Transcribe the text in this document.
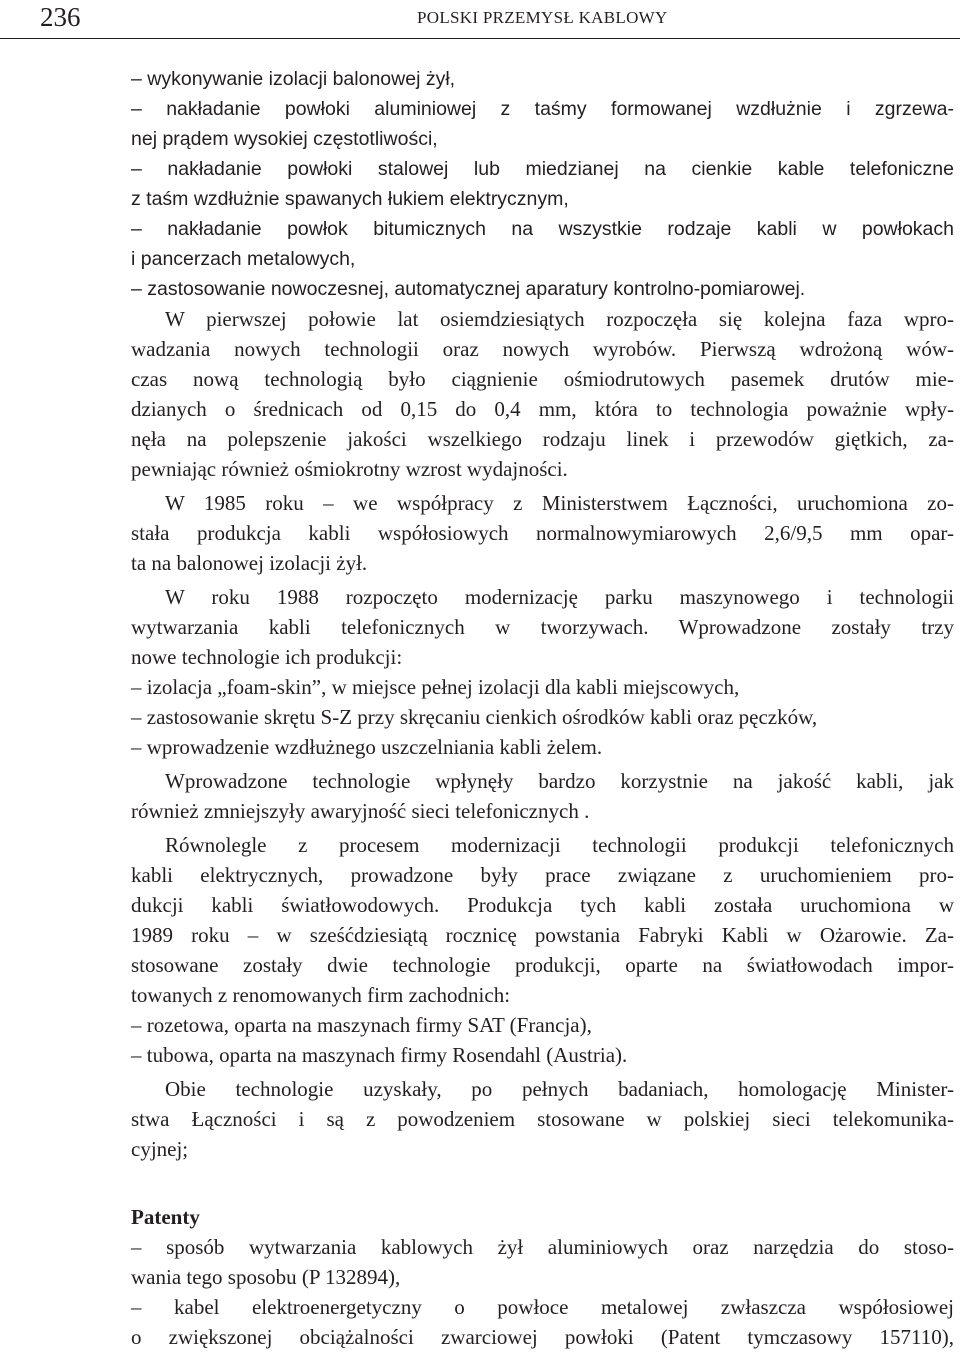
236	POLSKI PRZEMYSŁ KABLOWY
– wykonywanie izolacji balonowej żył,
– nakładanie powłoki aluminiowej z taśmy formowanej wzdłużnie i zgrzewa-
nej prądem wysokiej częstotliwości,
– nakładanie powłoki stalowej lub miedzianej na cienkie kable telefoniczne
z taśm wzdłużnie spawanych łukiem elektrycznym,
– nakładanie powłok bitumicznych na wszystkie rodzaje kabli w powłokach
i pancerzach metalowych,
– zastosowanie nowoczesnej, automatycznej aparatury kontrolno-pomiarowej.
W pierwszej połowie lat osiemdziesiątych rozpoczęła się kolejna faza wpro-
wadzania nowych technologii oraz nowych wyrobów. Pierwszą wdrożoną wów-
czas nową technologią było ciągnienie ośmiodrutowych pasemek drutów mie-
dzianych o średnicach od 0,15 do 0,4 mm, która to technologia poważnie wpły-
nęła na polepszenie jakości wszelkiego rodzaju linek i przewodów giętkich, za-
pewniając również ośmiokrotny wzrost wydajności.
W 1985 roku – we współpracy z Ministerstwem Łączności, uruchomiona zo-
stała produkcja kabli współosiowych normalnowymiarowych 2,6/9,5 mm opar-
ta na balonowej izolacji żył.
W roku 1988 rozpoczęto modernizację parku maszynowego i technologii
wytwarzania kabli telefonicznych w tworzywach. Wprowadzone zostały trzy
nowe technologie ich produkcji:
– izolacja „foam-skin”, w miejsce pełnej izolacji dla kabli miejscowych,
– zastosowanie skrętu S-Z przy skręcaniu cienkich ośrodków kabli oraz pęczków,
– wprowadzenie wzdłużnego uszczelniania kabli żelem.
Wprowadzone technologie wpłynęły bardzo korzystnie na jakość kabli, jak
również zmniejszyły awaryjność sieci telefonicznych .
Równolegle z procesem modernizacji technologii produkcji telefonicznych
kabli elektrycznych, prowadzone były prace związane z uruchomieniem pro-
dukcji kabli światłowodowych. Produkcja tych kabli została uruchomiona w
1989 roku – w sześćdziesiątą rocznicę powstania Fabryki Kabli w Ożarowie. Za-
stosowane zostały dwie technologie produkcji, oparte na światłowodach impor-
towanych z renomowanych firm zachodnich:
– rozetowa, oparta na maszynach firmy SAT (Francja),
– tubowa, oparta na maszynach firmy Rosendahl (Austria).
Obie technologie uzyskały, po pełnych badaniach, homologację Minister-
stwa Łączności i są z powodzeniem stosowane w polskiej sieci telekomunika-
cyjnej;
Patenty
– sposób wytwarzania kablowych żył aluminiowych oraz narzędzia do stoso-
wania tego sposobu (P 132894),
– kabel elektroenergetyczny o powłoce metalowej zwłaszcza współosiowej
o zwiększonej obciążalności zwarciowej powłoki (Patent tymczasowy 157110),
